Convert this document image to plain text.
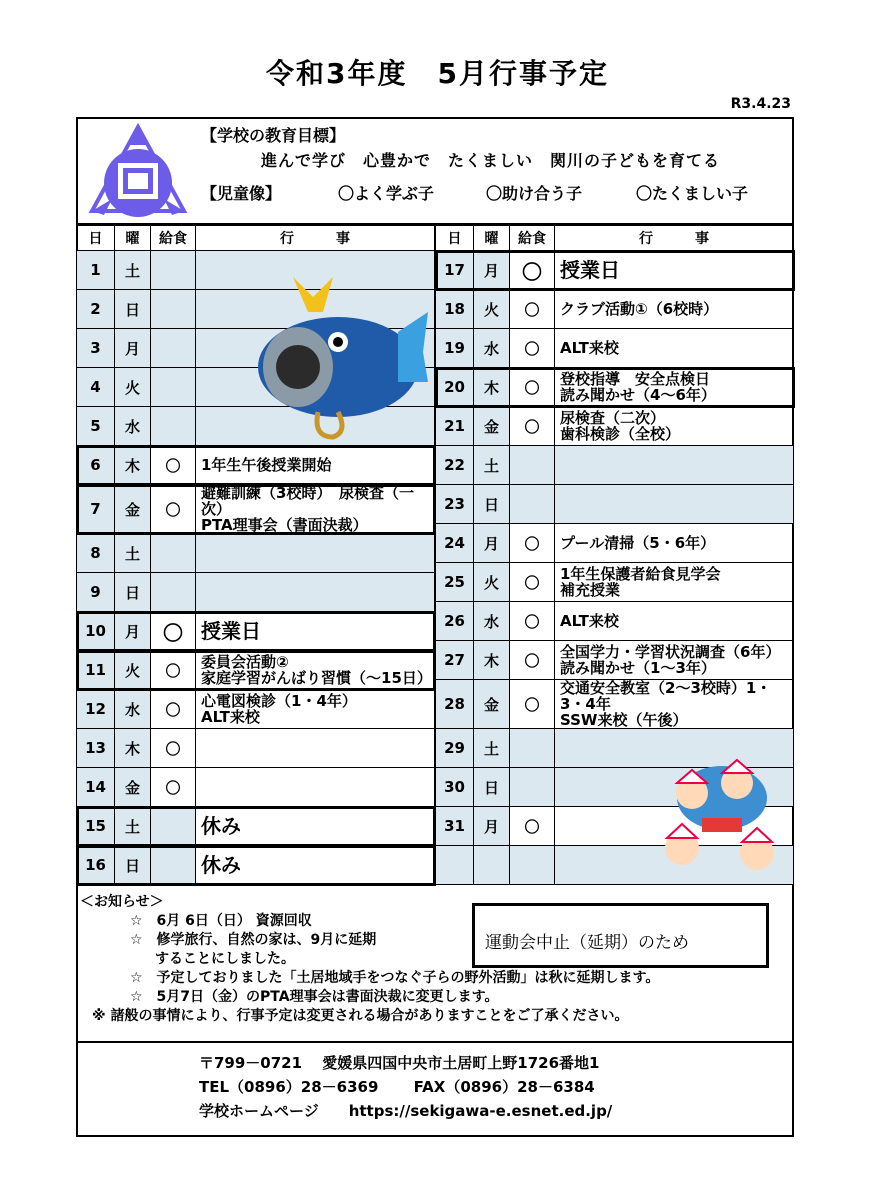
令和3年度　5月行事予定
R3.4.23
【学校の教育目標】
進んで学び　心豊かで　たくましい　関川の子どもを育てる
【児童像】	〇よく学ぶ子	〇助け合う子	〇たくましい子
日	曜	給食	行　　　事
1	土		
2	日		
3	月		
4	火		
5	水		
6	木	〇	1年生午後授業開始
7	金	〇	避難訓練（3校時）　尿検査（一次）
PTA理事会（書面決裁）
8	土		
9	日		
10	月	〇	授業日
11	火	〇	委員会活動②
家庭学習がんばり習慣（～15日）
12	水	〇	心電図検診（1・4年）
ALT来校
13	木	〇	
14	金	〇	
15	土		休み
16	日		休み
日	曜	給食	行　　　事
17	月	〇	授業日
18	火	〇	クラブ活動①（6校時）
19	水	〇	ALT来校
20	木	〇	登校指導　安全点検日
読み聞かせ（4～6年）
21	金	〇	尿検査（二次）
歯科検診（全校）
22	土		
23	日		
24	月	〇	プール清掃（5・6年）
25	火	〇	1年生保護者給食見学会
補充授業
26	水	〇	ALT来校
27	木	〇	全国学力・学習状況調査（6年）
読み聞かせ（1～3年）
28	金	〇	交通安全教室（2～3校時）1・3・4年
SSW来校（午後）
29	土		
30	日		
31	月	〇	

＜お知らせ＞
☆　6月 6日（日） 資源回収
☆　修学旅行、自然の家は、9月に延期
することにしました。
☆　予定しておりました「土居地域手をつなぐ子らの野外活動」は秋に延期します。
☆　5月7日（金）のPTA理事会は書面決裁に変更します。
※ 諸般の事情により、行事予定は変更される場合がありますことをご了承ください。
運動会中止（延期）のため
〒799－0721　 愛媛県四国中央市土居町上野1726番地1
TEL（0896）28－6369　　 FAX（0896）28－6384
学校ホームページ　　https://sekigawa-e.esnet.ed.jp/
